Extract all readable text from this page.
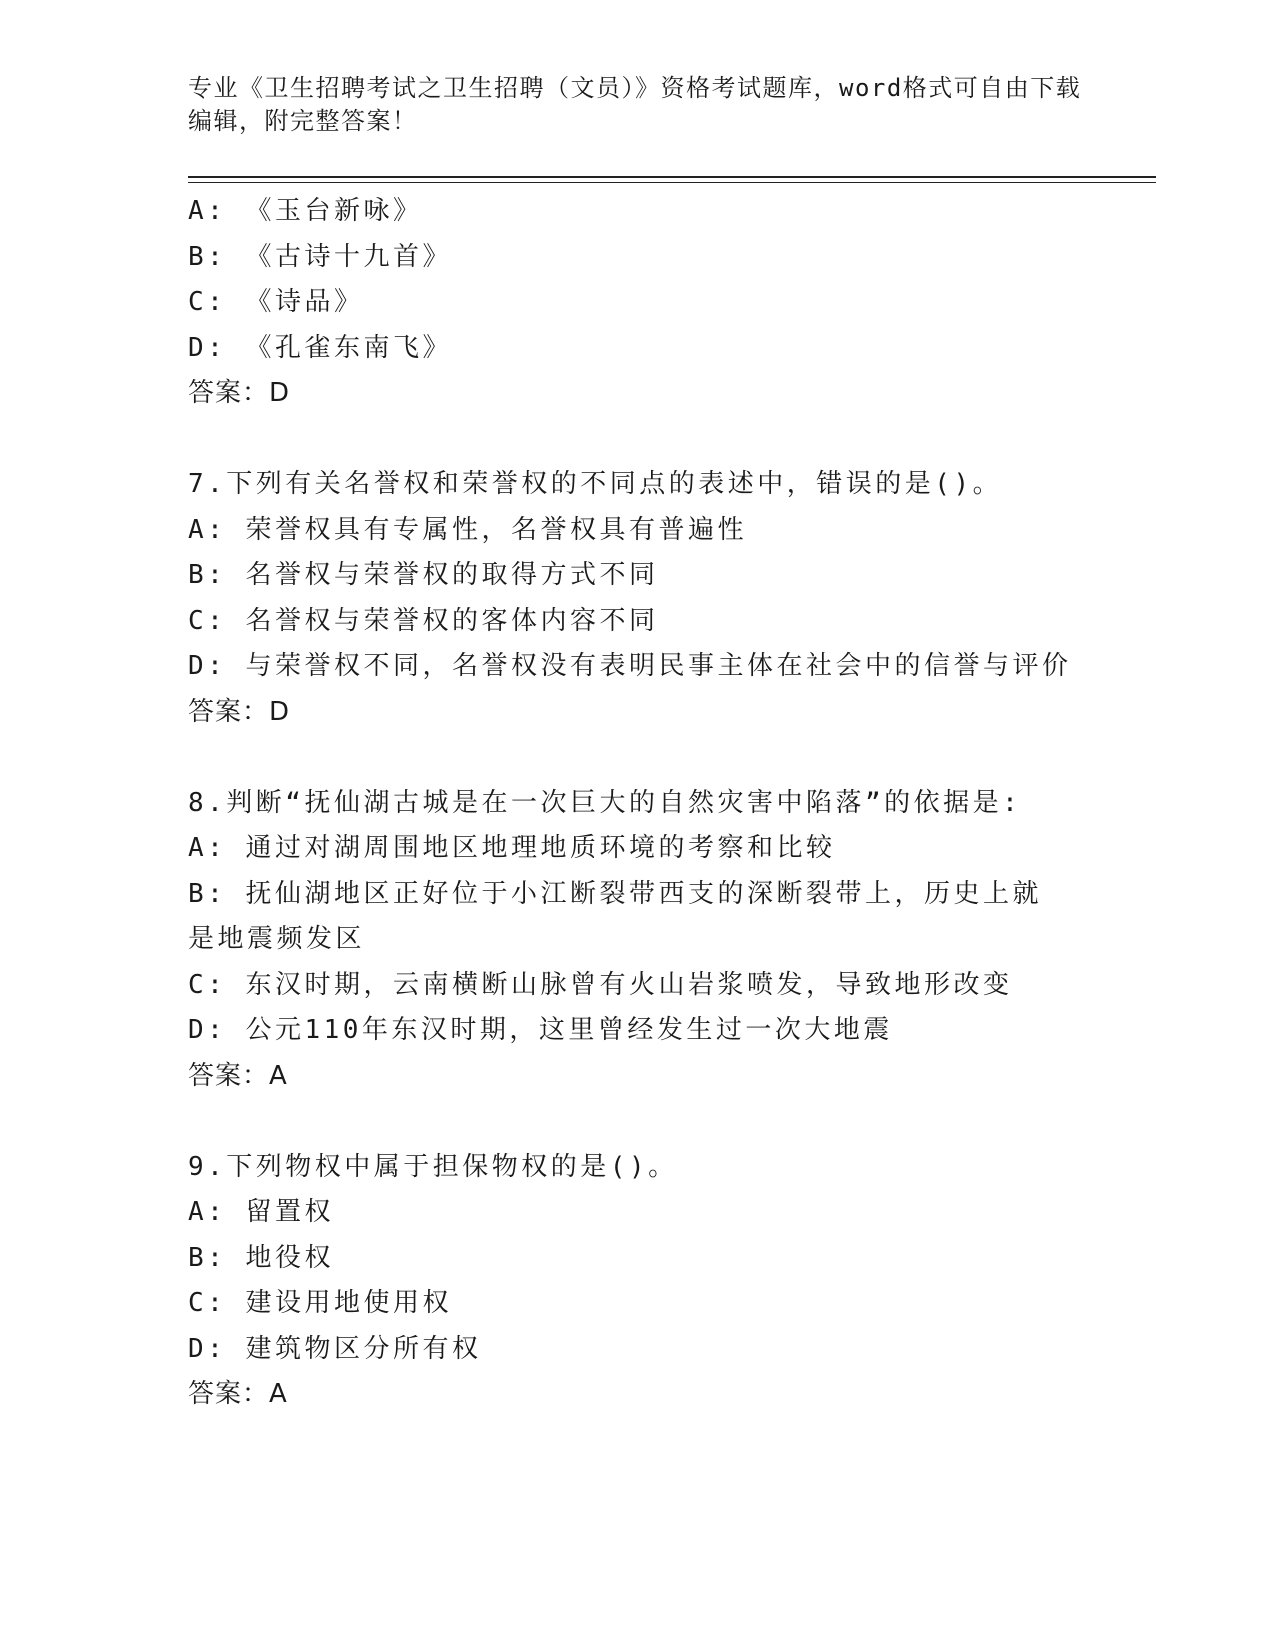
专业《卫生招聘考试之卫生招聘（文员）》资格考试题库，word格式可自由下载
编辑，附完整答案！
A: 《玉台新咏》
B: 《古诗十九首》
C: 《诗品》
D: 《孔雀东南飞》
答案：D
7.下列有关名誉权和荣誉权的不同点的表述中，错误的是()。
A: 荣誉权具有专属性，名誉权具有普遍性
B: 名誉权与荣誉权的取得方式不同
C: 名誉权与荣誉权的客体内容不同
D: 与荣誉权不同，名誉权没有表明民事主体在社会中的信誉与评价
答案：D
8.判断“抚仙湖古城是在一次巨大的自然灾害中陷落”的依据是:
A: 通过对湖周围地区地理地质环境的考察和比较
B: 抚仙湖地区正好位于小江断裂带西支的深断裂带上，历史上就是地震频发区
C: 东汉时期，云南横断山脉曾有火山岩浆喷发，导致地形改变
D: 公元110年东汉时期，这里曾经发生过一次大地震
答案：A
9.下列物权中属于担保物权的是()。
A: 留置权
B: 地役权
C: 建设用地使用权
D: 建筑物区分所有权
答案：A
